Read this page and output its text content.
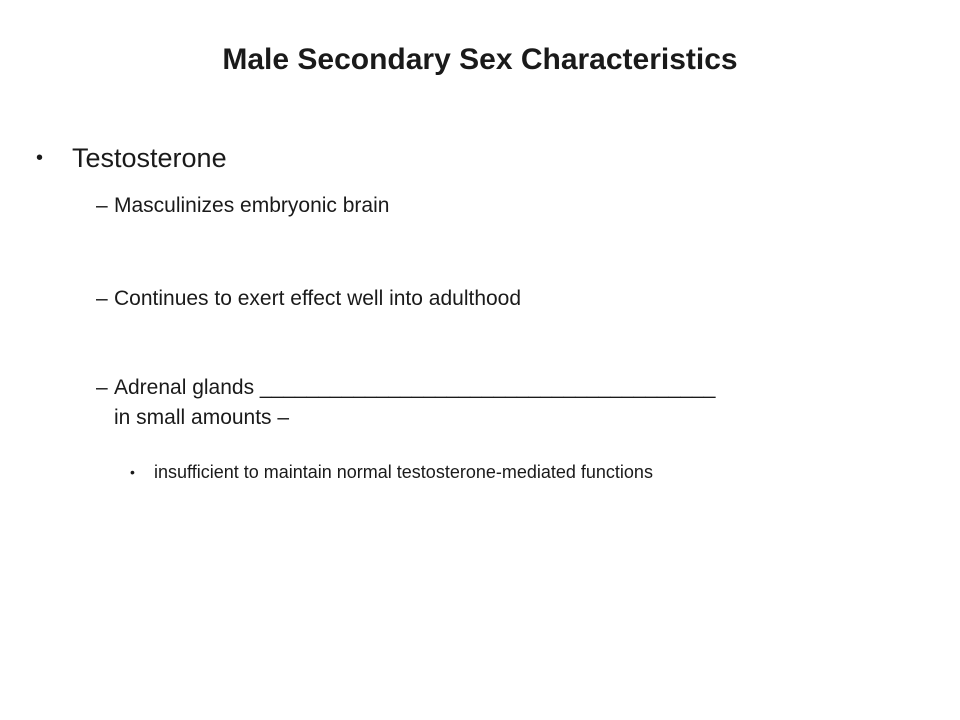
Male Secondary Sex Characteristics
• Testosterone
– Masculinizes embryonic brain
– Continues to exert effect well into adulthood
– Adrenal glands _______________________________________
in small amounts –
• insufficient to maintain normal testosterone-mediated functions
